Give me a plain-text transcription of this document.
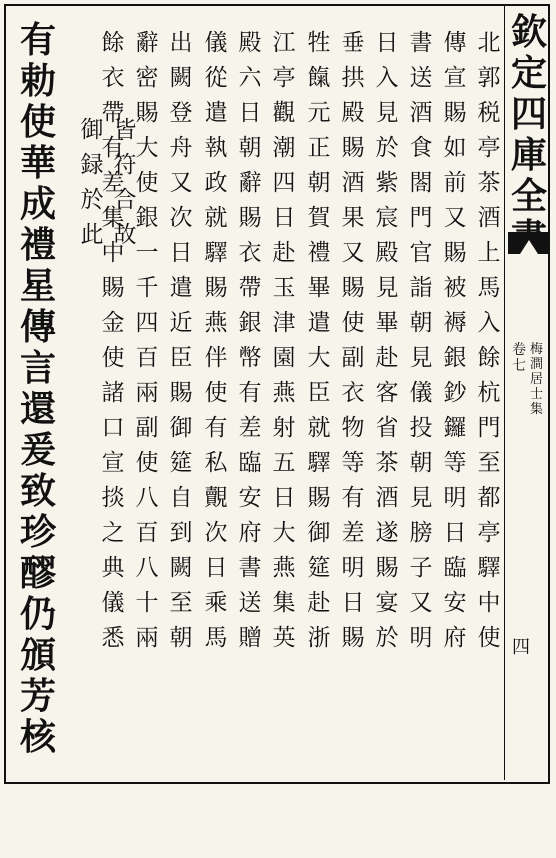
欽
定
四
庫
全
梅
澗
居
士
集
卷
七
四
北
郭
税
亭
茶
酒
上
馬
入
餘
杭
門
至
都
亭
驛
中
使
傳
宣
賜
如
前
又
賜
被
褥
銀
鈔
鑼
等
明
日
臨
安
府
書
送
酒
食
閤
門
官
詣
朝
見
儀
投
朝
見
膀
子
又
明
日
入
見
於
紫
宸
殿
見
畢
赴
客
省
茶
酒
遂
賜
宴
於
垂
拱
殿
賜
酒
果
又
賜
使
副
衣
物
等
有
差
明
日
賜
牲
餼
元
正
朝
賀
禮
畢
遣
大
臣
就
驛
賜
御
筵
赴
浙
江
亭
觀
潮
四
日
赴
玉
津
園
燕
射
五
日
大
燕
集
英
殿
六
日
朝
辭
賜
衣
帶
銀
幣
有
差
臨
安
府
書
送
贈
儀
從
遣
執
政
就
驛
賜
燕
伴
使
有
私
覿
次
日
乘
馬
出
闕
登
舟
又
次
日
遣
近
臣
賜
御
筵
自
到
闕
至
朝
辭
密
賜
大
使
銀
一
千
四
百
兩
副
使
八
百
八
十
兩
餘
衣
帶
有
差
集
中
賜
金
使
諸
口
宣
掞
之
典
儀
悉
皆
符
合
故
御
録
於
此
有
勅
使
華
成
禮
星
傳
言
還
爰
致
珍
醪
仍
頒
芳
核
